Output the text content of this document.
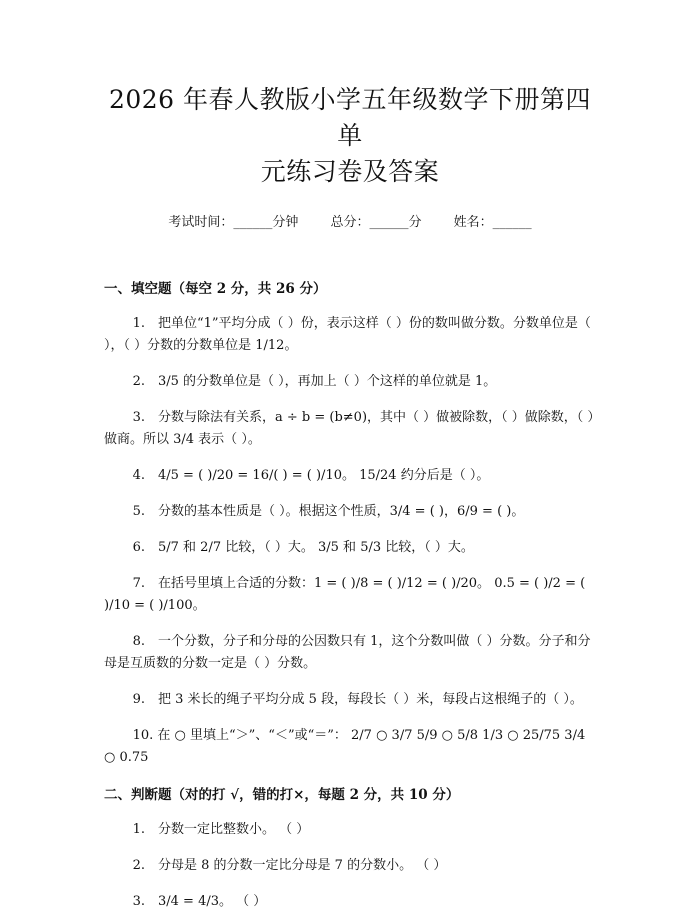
2026 年春人教版小学五年级数学下册第四单
元练习卷及答案
考试时间：______分钟 总分：______分 姓名：______
一、填空题（每空 2 分，共 26 分）

1.　把单位“1”平均分成（ ）份，表示这样（ ）份的数叫做分数。分数单位是（ ），（ ）分数的分数单位是 1/12。

2.　3/5 的分数单位是（ ），再加上（ ）个这样的单位就是 1。

3.　分数与除法有关系，a ÷ b = (b≠0)，其中（ ）做被除数，（ ）做除数，（ ）做商。所以 3/4 表示（ ）。

4.　4/5 = ( )/20 = 16/( ) = ( )/10。 15/24 约分后是（ ）。

5.　分数的基本性质是（ ）。根据这个性质，3/4 = ( )，6/9 = ( )。

6.　5/7 和 2/7 比较，（ ）大。 3/5 和 5/3 比较，（ ）大。

7.　在括号里填上合适的分数：1 = ( )/8 = ( )/12 = ( )/20。 0.5 = ( )/2 = ( )/10 = ( )/100。

8.　一个分数，分子和分母的公因数只有 1，这个分数叫做（ ）分数。分子和分母是互质数的分数一定是（ ）分数。

9.　把 3 米长的绳子平均分成 5 段，每段长（ ）米，每段占这根绳子的（ ）。

10. 在 ○ 里填上“＞”、“＜”或“＝”： 2/7 ○ 3/7 5/9 ○ 5/8 1/3 ○ 25/75 3/4 ○ 0.75

二、判断题（对的打 √，错的打×，每题 2 分，共 10 分）

1.　分数一定比整数小。 （ ）

2.　分母是 8 的分数一定比分母是 7 的分数小。 （ ）

3.　3/4 = 4/3。 （ ）
